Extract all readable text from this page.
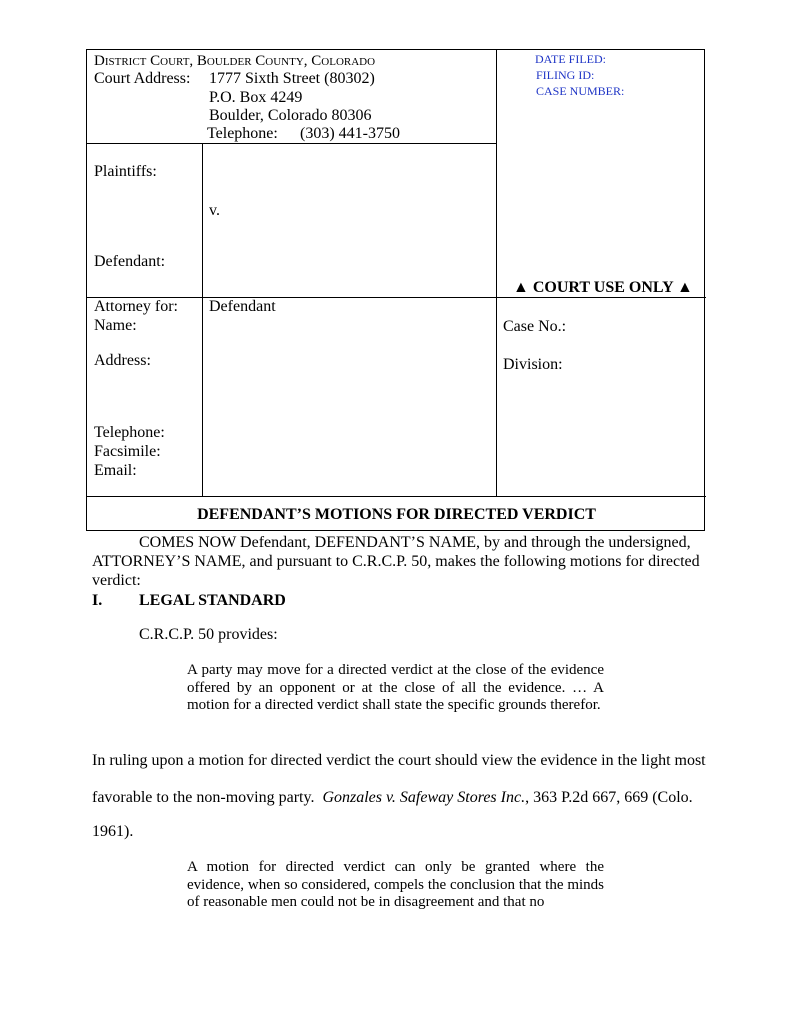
District Court, Boulder County, Colorado
Court Address: 1777 Sixth Street (80302)
P.O. Box 4249
Boulder, Colorado 80306
Telephone: (303) 441-3750
DATE FILED:
FILING ID:
CASE NUMBER:
Plaintiffs:
v.
Defendant:
▲ COURT USE ONLY ▲
Attorney for: Defendant
Name:
Address:
Telephone:
Facsimile:
Email:
Case No.:
Division:
DEFENDANT’S MOTIONS FOR DIRECTED VERDICT
COMES NOW Defendant, DEFENDANT’S NAME, by and through the undersigned,
ATTORNEY’S NAME, and pursuant to C.R.C.P. 50, makes the following motions for directed
verdict:
I. LEGAL STANDARD
C.R.C.P. 50 provides:
A party may move for a directed verdict at the close of the evidence offered by an opponent or at the close of all the evidence. … A motion for a directed verdict shall state the specific grounds therefor.
In ruling upon a motion for directed verdict the court should view the evidence in the light most
favorable to the non-moving party. Gonzales v. Safeway Stores Inc., 363 P.2d 667, 669 (Colo.
1961).
A motion for directed verdict can only be granted where the evidence, when so considered, compels the conclusion that the minds of reasonable men could not be in disagreement and that no
